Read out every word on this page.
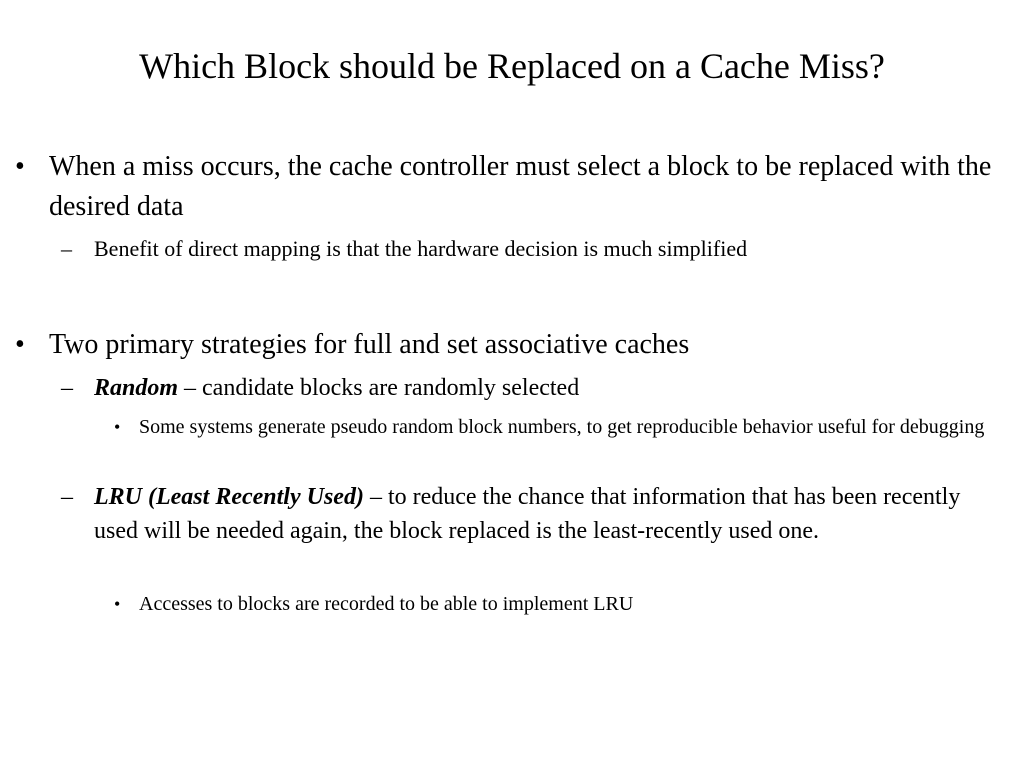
Which Block should be Replaced on a Cache Miss?
• When a miss occurs, the cache controller must select a block to be replaced with the desired data
– Benefit of direct mapping is that the hardware decision is much simplified
• Two primary strategies for full and set associative caches
– Random – candidate blocks are randomly selected
• Some systems generate pseudo random block numbers, to get reproducible behavior useful for debugging
– LRU (Least Recently Used) – to reduce the chance that information that has been recently used will be needed again, the block replaced is the least-recently used one.
• Accesses to blocks are recorded to be able to implement LRU
